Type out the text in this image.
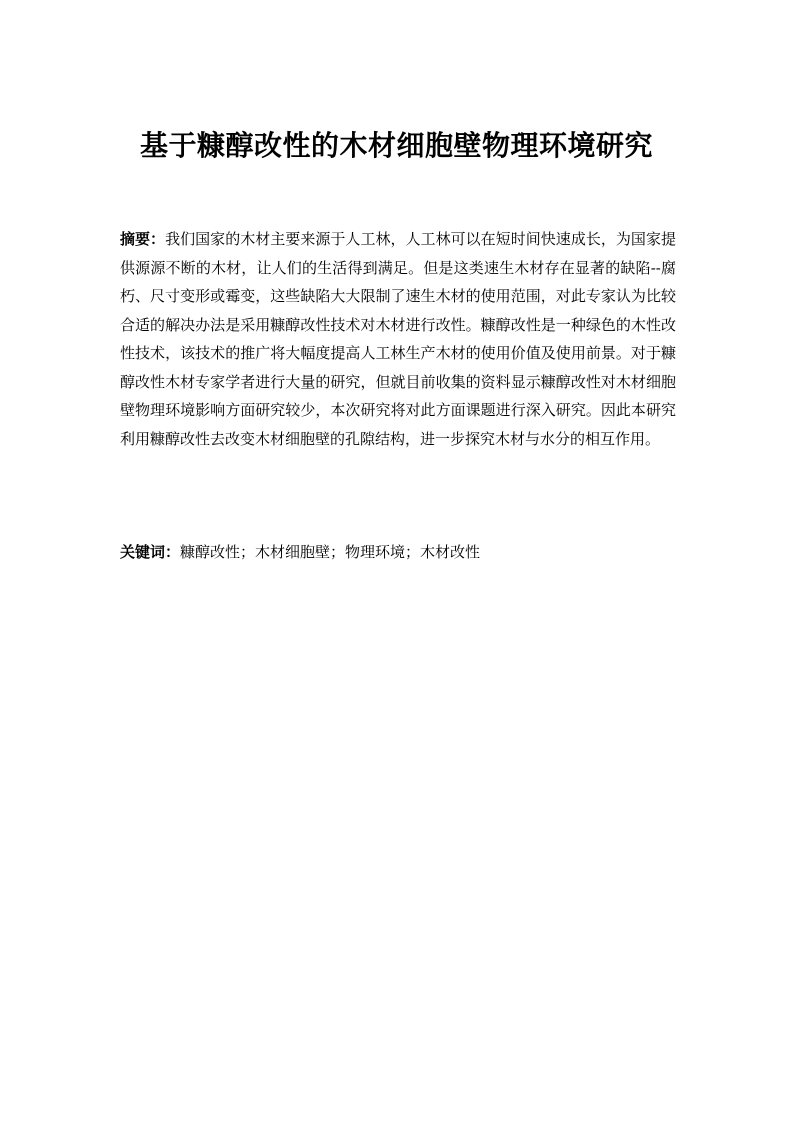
基于糠醇改性的木材细胞壁物理环境研究
摘要：我们国家的木材主要来源于人工林，人工林可以在短时间快速成长，为国家提供源源不断的木材，让人们的生活得到满足。但是这类速生木材存在显著的缺陷--腐朽、尺寸变形或霉变，这些缺陷大大限制了速生木材的使用范围，对此专家认为比较合适的解决办法是采用糠醇改性技术对木材进行改性。糠醇改性是一种绿色的木性改性技术，该技术的推广将大幅度提高人工林生产木材的使用价值及使用前景。对于糠醇改性木材专家学者进行大量的研究，但就目前收集的资料显示糠醇改性对木材细胞壁物理环境影响方面研究较少，本次研究将对此方面课题进行深入研究。因此本研究利用糠醇改性去改变木材细胞壁的孔隙结构，进一步探究木材与水分的相互作用。
关键词：糠醇改性；木材细胞壁；物理环境；木材改性
